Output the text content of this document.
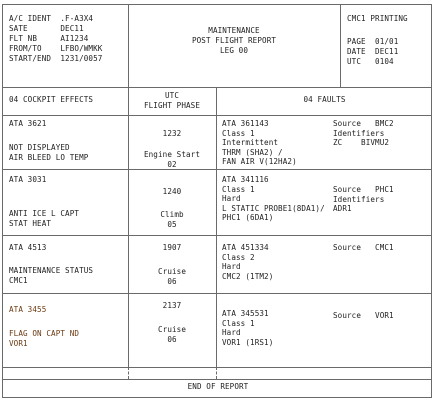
A/C IDENT  .F-A3X4
SATE       DEC11
FLT NB     AI1234
FROM/TO    LFBO/WMKK
START/END  1231/0057
MAINTENANCE
POST FLIGHT REPORT
LEG 00
CMC1 PRINTING
PAGE  01/01
DATE  DEC11
UTC   0104
04 COCKPIT EFFECTS	UTC
FLIGHT PHASE
04 FAULTS
ATA 3621
NOT DISPLAYED
AIR BLEED LO TEMP
1232
Engine Start
02
ATA 361143
Class 1
Intermittent
THRM (SHA2) /
FAN AIR V(12HA2)
Source   BMC2
Identifiers
ZC    BIVMU2
ATA 3031
ANTI ICE L CAPT
STAT HEAT
1240
Climb
05
ATA 341116
Class 1
Hard
L STATIC PROBE1(8DA1)/
PHC1 (6DA1)
Source   PHC1
Identifiers
ADR1
ATA 4513
MAINTENANCE STATUS
CMC1
1907
Cruise
06
ATA 451334
Class 2
Hard
CMC2 (1TM2)
Source   CMC1
ATA 3455
FLAG ON CAPT ND
VOR1
2137
Cruise
06
ATA 345531
Class 1
Hard
VOR1 (1RS1)
Source   VOR1
END OF REPORT
